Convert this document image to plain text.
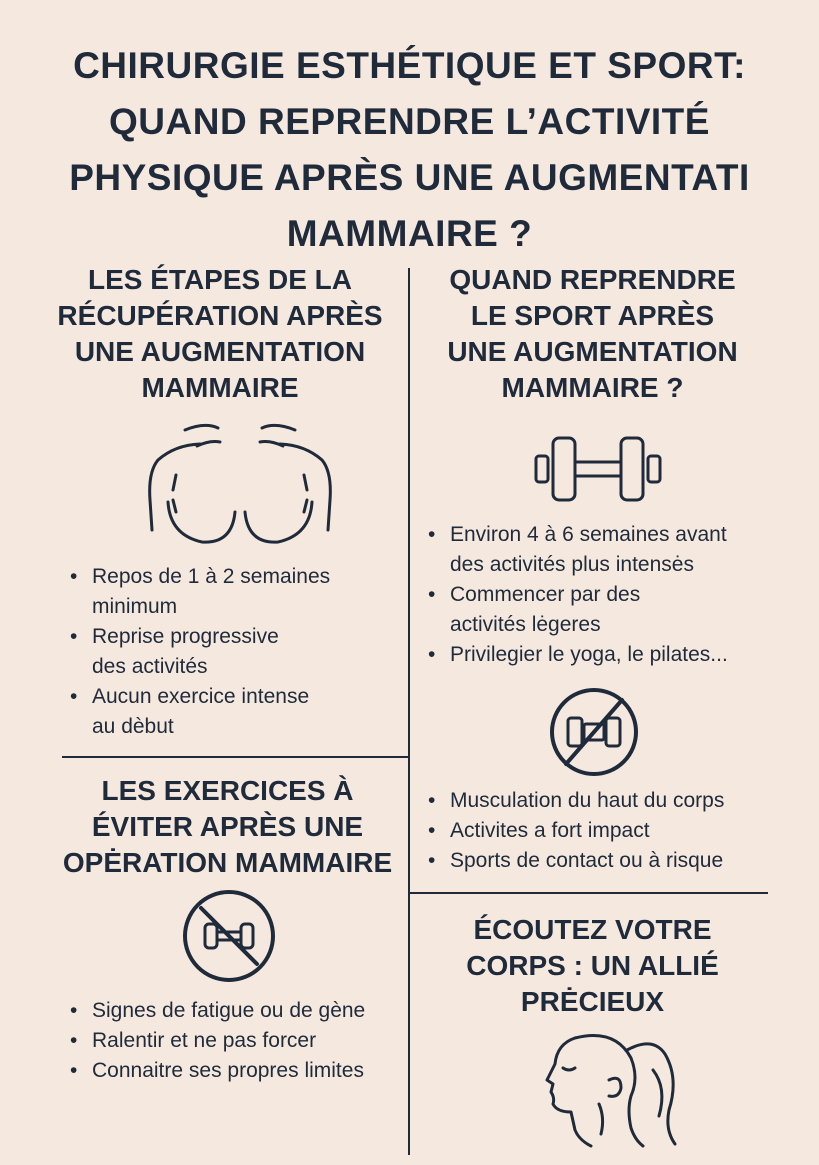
CHIRURGIE ESTHÉTIQUE ET SPORT:
QUAND REPRENDRE L’ACTIVITÉ
PHYSIQUE APRÈS UNE AUGMENTATI
MAMMAIRE ?
LES ÉTAPES DE LA
RÉCUPÉRATION APRÈS
UNE AUGMENTATION
MAMMAIRE
• Repos de 1 à 2 semaines
minimum
• Reprise progressive
des activités
• Aucun exercice intense
au dèbut
QUAND REPRENDRE
LE SPORT APRÈS
UNE AUGMENTATION
MAMMAIRE ?
• Environ 4 à 6 semaines avant
des activités plus intensės
• Commencer par des
activités lėgeres
• Privilegier le yoga, le pilates...
• Musculation du haut du corps
• Activites a fort impact
• Sports de contact ou à risque
LES EXERCICES À
ÉVITER APRÈS UNE
OPĖRATION MAMMAIRE
• Signes de fatigue ou de gène
• Ralentir et ne pas forcer
• Connaitre ses propres limites
ÉCOUTEZ VOTRE
CORPS : UN ALLIÉ
PRĖCIEUX
